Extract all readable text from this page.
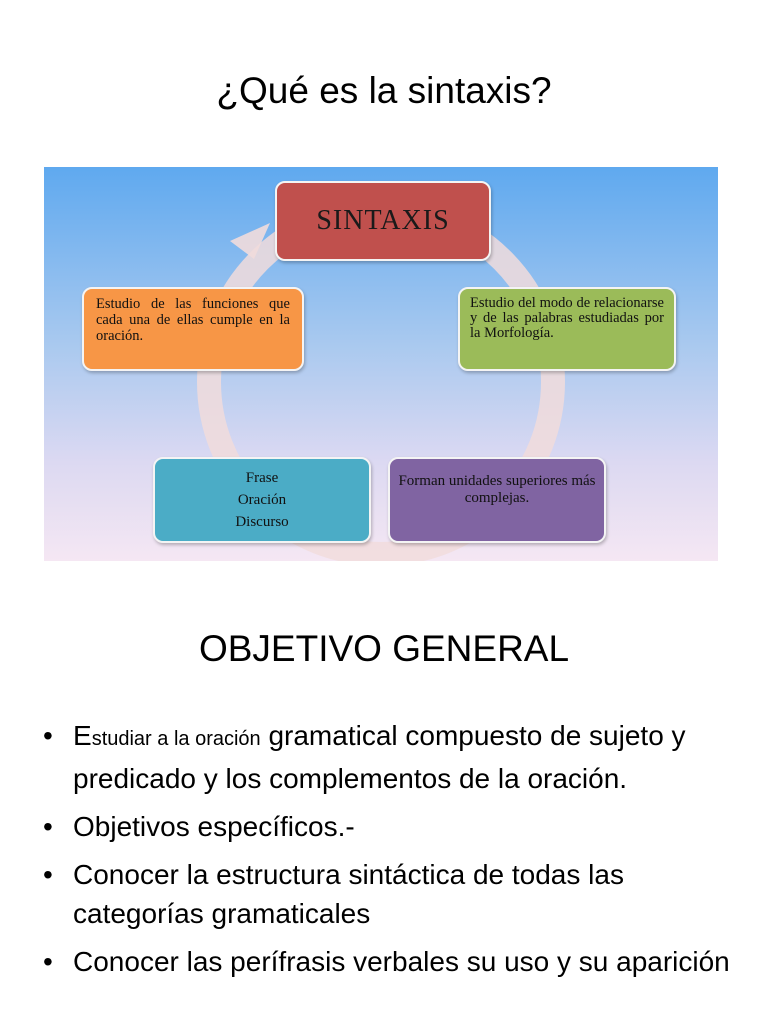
¿Qué es la sintaxis?
SINTAXIS
Estudio de las funciones que cada una de ellas cumple en la oración.
Estudio del modo de relacionarse y de las palabras estudiadas por la Morfología.
Frase
Oración
Discurso
Forman unidades superiores más complejas.
OBJETIVO GENERAL
• Estudiar a la oración gramatical compuesto de sujeto y predicado y los complementos de la oración.
• Objetivos específicos.-
• Conocer la estructura sintáctica de todas las categorías gramaticales
• Conocer las perífrasis verbales su uso y su aparición
